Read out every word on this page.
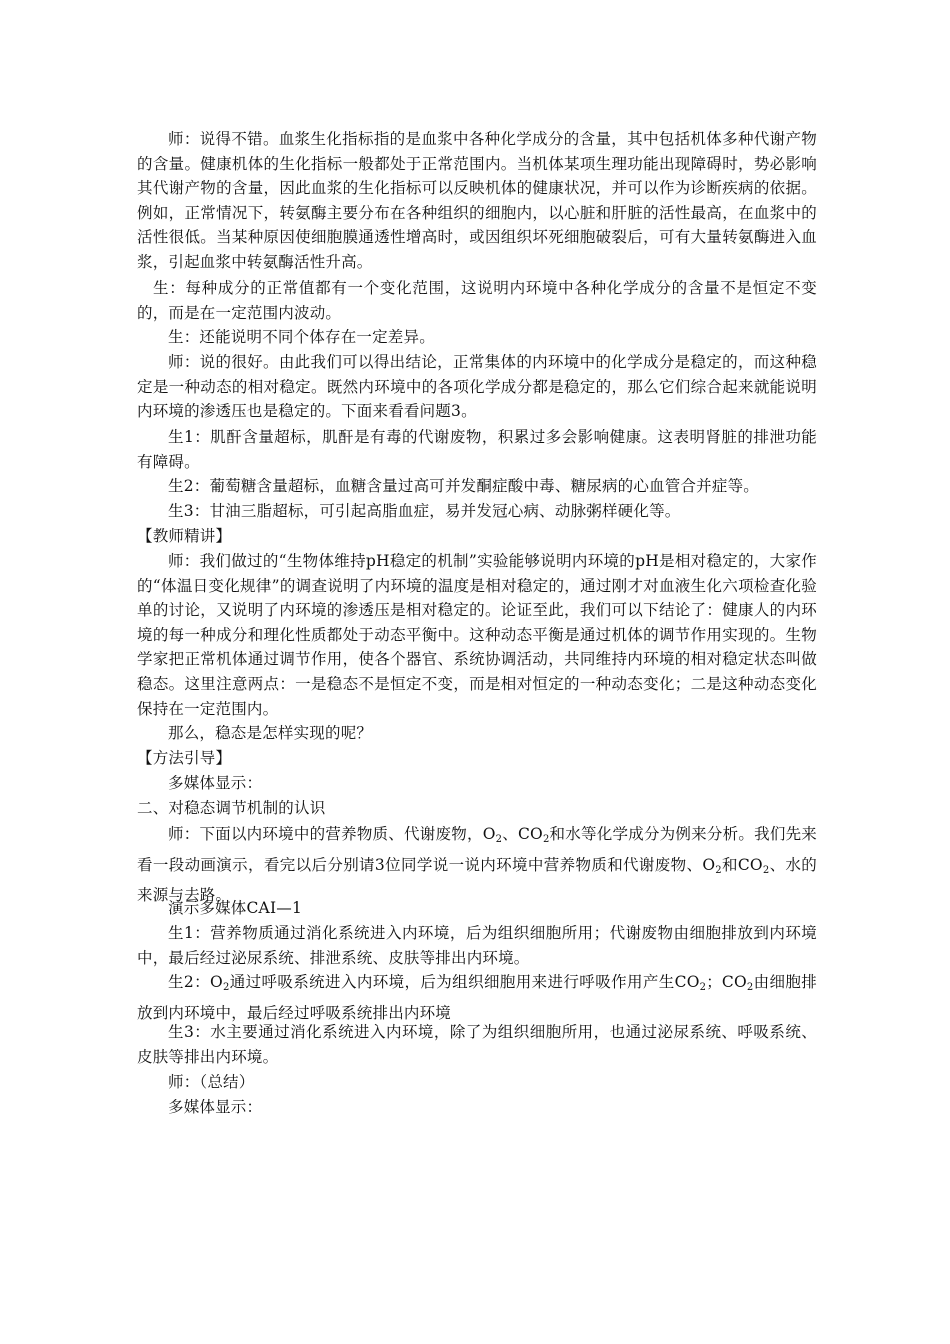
师：说得不错。血浆生化指标指的是血浆中各种化学成分的含量，其中包括机体多种代谢产物的含量。健康机体的生化指标一般都处于正常范围内。当机体某项生理功能出现障碍时，势必影响其代谢产物的含量，因此血浆的生化指标可以反映机体的健康状况，并可以作为诊断疾病的依据。例如，正常情况下，转氨酶主要分布在各种组织的细胞内，以心脏和肝脏的活性最高，在血浆中的活性很低。当某种原因使细胞膜通透性增高时，或因组织坏死细胞破裂后，可有大量转氨酶进入血浆，引起血浆中转氨酶活性升高。

生：每种成分的正常值都有一个变化范围，这说明内环境中各种化学成分的含量不是恒定不变的，而是在一定范围内波动。

生：还能说明不同个体存在一定差异。

师：说的很好。由此我们可以得出结论，正常集体的内环境中的化学成分是稳定的，而这种稳定是一种动态的相对稳定。既然内环境中的各项化学成分都是稳定的，那么它们综合起来就能说明内环境的渗透压也是稳定的。下面来看看问题3。

生1：肌酐含量超标，肌酐是有毒的代谢废物，积累过多会影响健康。这表明肾脏的排泄功能有障碍。

生2：葡萄糖含量超标，血糖含量过高可并发酮症酸中毒、糖尿病的心血管合并症等。

生3：甘油三脂超标，可引起高脂血症，易并发冠心病、动脉粥样硬化等。

【教师精讲】

师：我们做过的“生物体维持pH稳定的机制”实验能够说明内环境的pH是相对稳定的，大家作的“体温日变化规律”的调查说明了内环境的温度是相对稳定的，通过刚才对血液生化六项检查化验单的讨论，又说明了内环境的渗透压是相对稳定的。论证至此，我们可以下结论了：健康人的内环境的每一种成分和理化性质都处于动态平衡中。这种动态平衡是通过机体的调节作用实现的。生物学家把正常机体通过调节作用，使各个器官、系统协调活动，共同维持内环境的相对稳定状态叫做稳态。这里注意两点：一是稳态不是恒定不变，而是相对恒定的一种动态变化；二是这种动态变化保持在一定范围内。

那么，稳态是怎样实现的呢？

【方法引导】

多媒体显示：

二、对稳态调节机制的认识

师：下面以内环境中的营养物质、代谢废物，$O_2$、$CO_2$和水等化学成分为例来分析。我们先来看一段动画演示，看完以后分别请3位同学说一说内环境中营养物质和代谢废物、$O_2$和$CO_2$、水的来源与去路。

演示多媒体CAI—1

生1：营养物质通过消化系统进入内环境，后为组织细胞所用；代谢废物由细胞排放到内环境中，最后经过泌尿系统、排泄系统、皮肤等排出内环境。

生2：$O_2$通过呼吸系统进入内环境，后为组织细胞用来进行呼吸作用产生$CO_2$；$CO_2$由细胞排放到内环境中，最后经过呼吸系统排出内环境

生3：水主要通过消化系统进入内环境，除了为组织细胞所用，也通过泌尿系统、呼吸系统、皮肤等排出内环境。

师：（总结）

多媒体显示：
